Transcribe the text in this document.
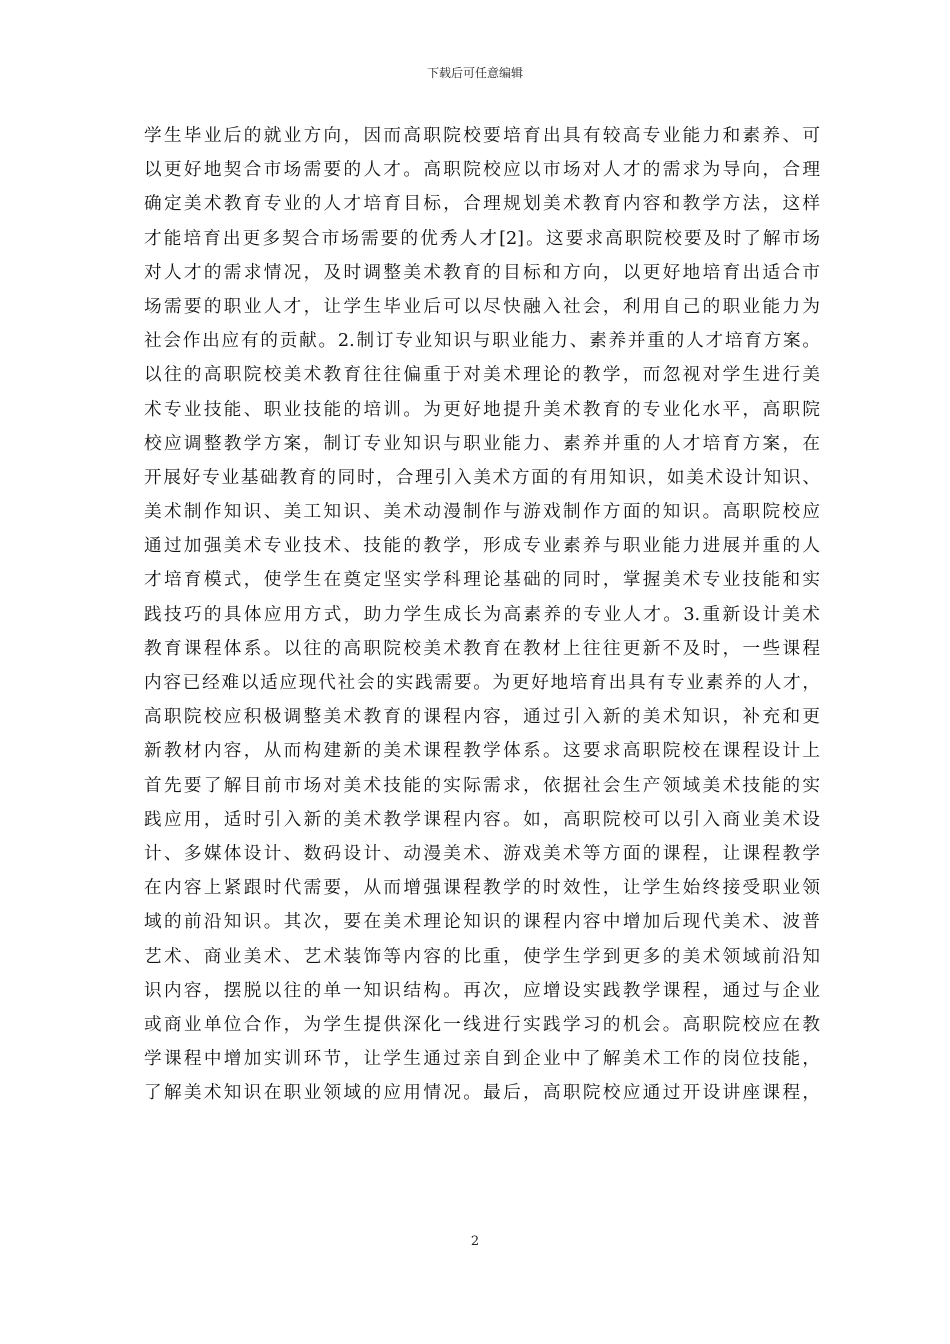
下载后可任意编辑
学生毕业后的就业方向，因而高职院校要培育出具有较高专业能力和素养、可
以更好地契合市场需要的人才。高职院校应以市场对人才的需求为导向，合理
确定美术教育专业的人才培育目标，合理规划美术教育内容和教学方法，这样
才能培育出更多契合市场需要的优秀人才[2]。这要求高职院校要及时了解市场
对人才的需求情况，及时调整美术教育的目标和方向，以更好地培育出适合市
场需要的职业人才，让学生毕业后可以尽快融入社会，利用自己的职业能力为
社会作出应有的贡献。2.制订专业知识与职业能力、素养并重的人才培育方案。
以往的高职院校美术教育往往偏重于对美术理论的教学，而忽视对学生进行美
术专业技能、职业技能的培训。为更好地提升美术教育的专业化水平，高职院
校应调整教学方案，制订专业知识与职业能力、素养并重的人才培育方案，在
开展好专业基础教育的同时，合理引入美术方面的有用知识，如美术设计知识、
美术制作知识、美工知识、美术动漫制作与游戏制作方面的知识。高职院校应
通过加强美术专业技术、技能的教学，形成专业素养与职业能力进展并重的人
才培育模式，使学生在奠定坚实学科理论基础的同时，掌握美术专业技能和实
践技巧的具体应用方式，助力学生成长为高素养的专业人才。3.重新设计美术
教育课程体系。以往的高职院校美术教育在教材上往往更新不及时，一些课程
内容已经难以适应现代社会的实践需要。为更好地培育出具有专业素养的人才，
高职院校应积极调整美术教育的课程内容，通过引入新的美术知识，补充和更
新教材内容，从而构建新的美术课程教学体系。这要求高职院校在课程设计上
首先要了解目前市场对美术技能的实际需求，依据社会生产领域美术技能的实
践应用，适时引入新的美术教学课程内容。如，高职院校可以引入商业美术设
计、多媒体设计、数码设计、动漫美术、游戏美术等方面的课程，让课程教学
在内容上紧跟时代需要，从而增强课程教学的时效性，让学生始终接受职业领
域的前沿知识。其次，要在美术理论知识的课程内容中增加后现代美术、波普
艺术、商业美术、艺术装饰等内容的比重，使学生学到更多的美术领域前沿知
识内容，摆脱以往的单一知识结构。再次，应增设实践教学课程，通过与企业
或商业单位合作，为学生提供深化一线进行实践学习的机会。高职院校应在教
学课程中增加实训环节，让学生通过亲自到企业中了解美术工作的岗位技能，
了解美术知识在职业领域的应用情况。最后，高职院校应通过开设讲座课程，
2
